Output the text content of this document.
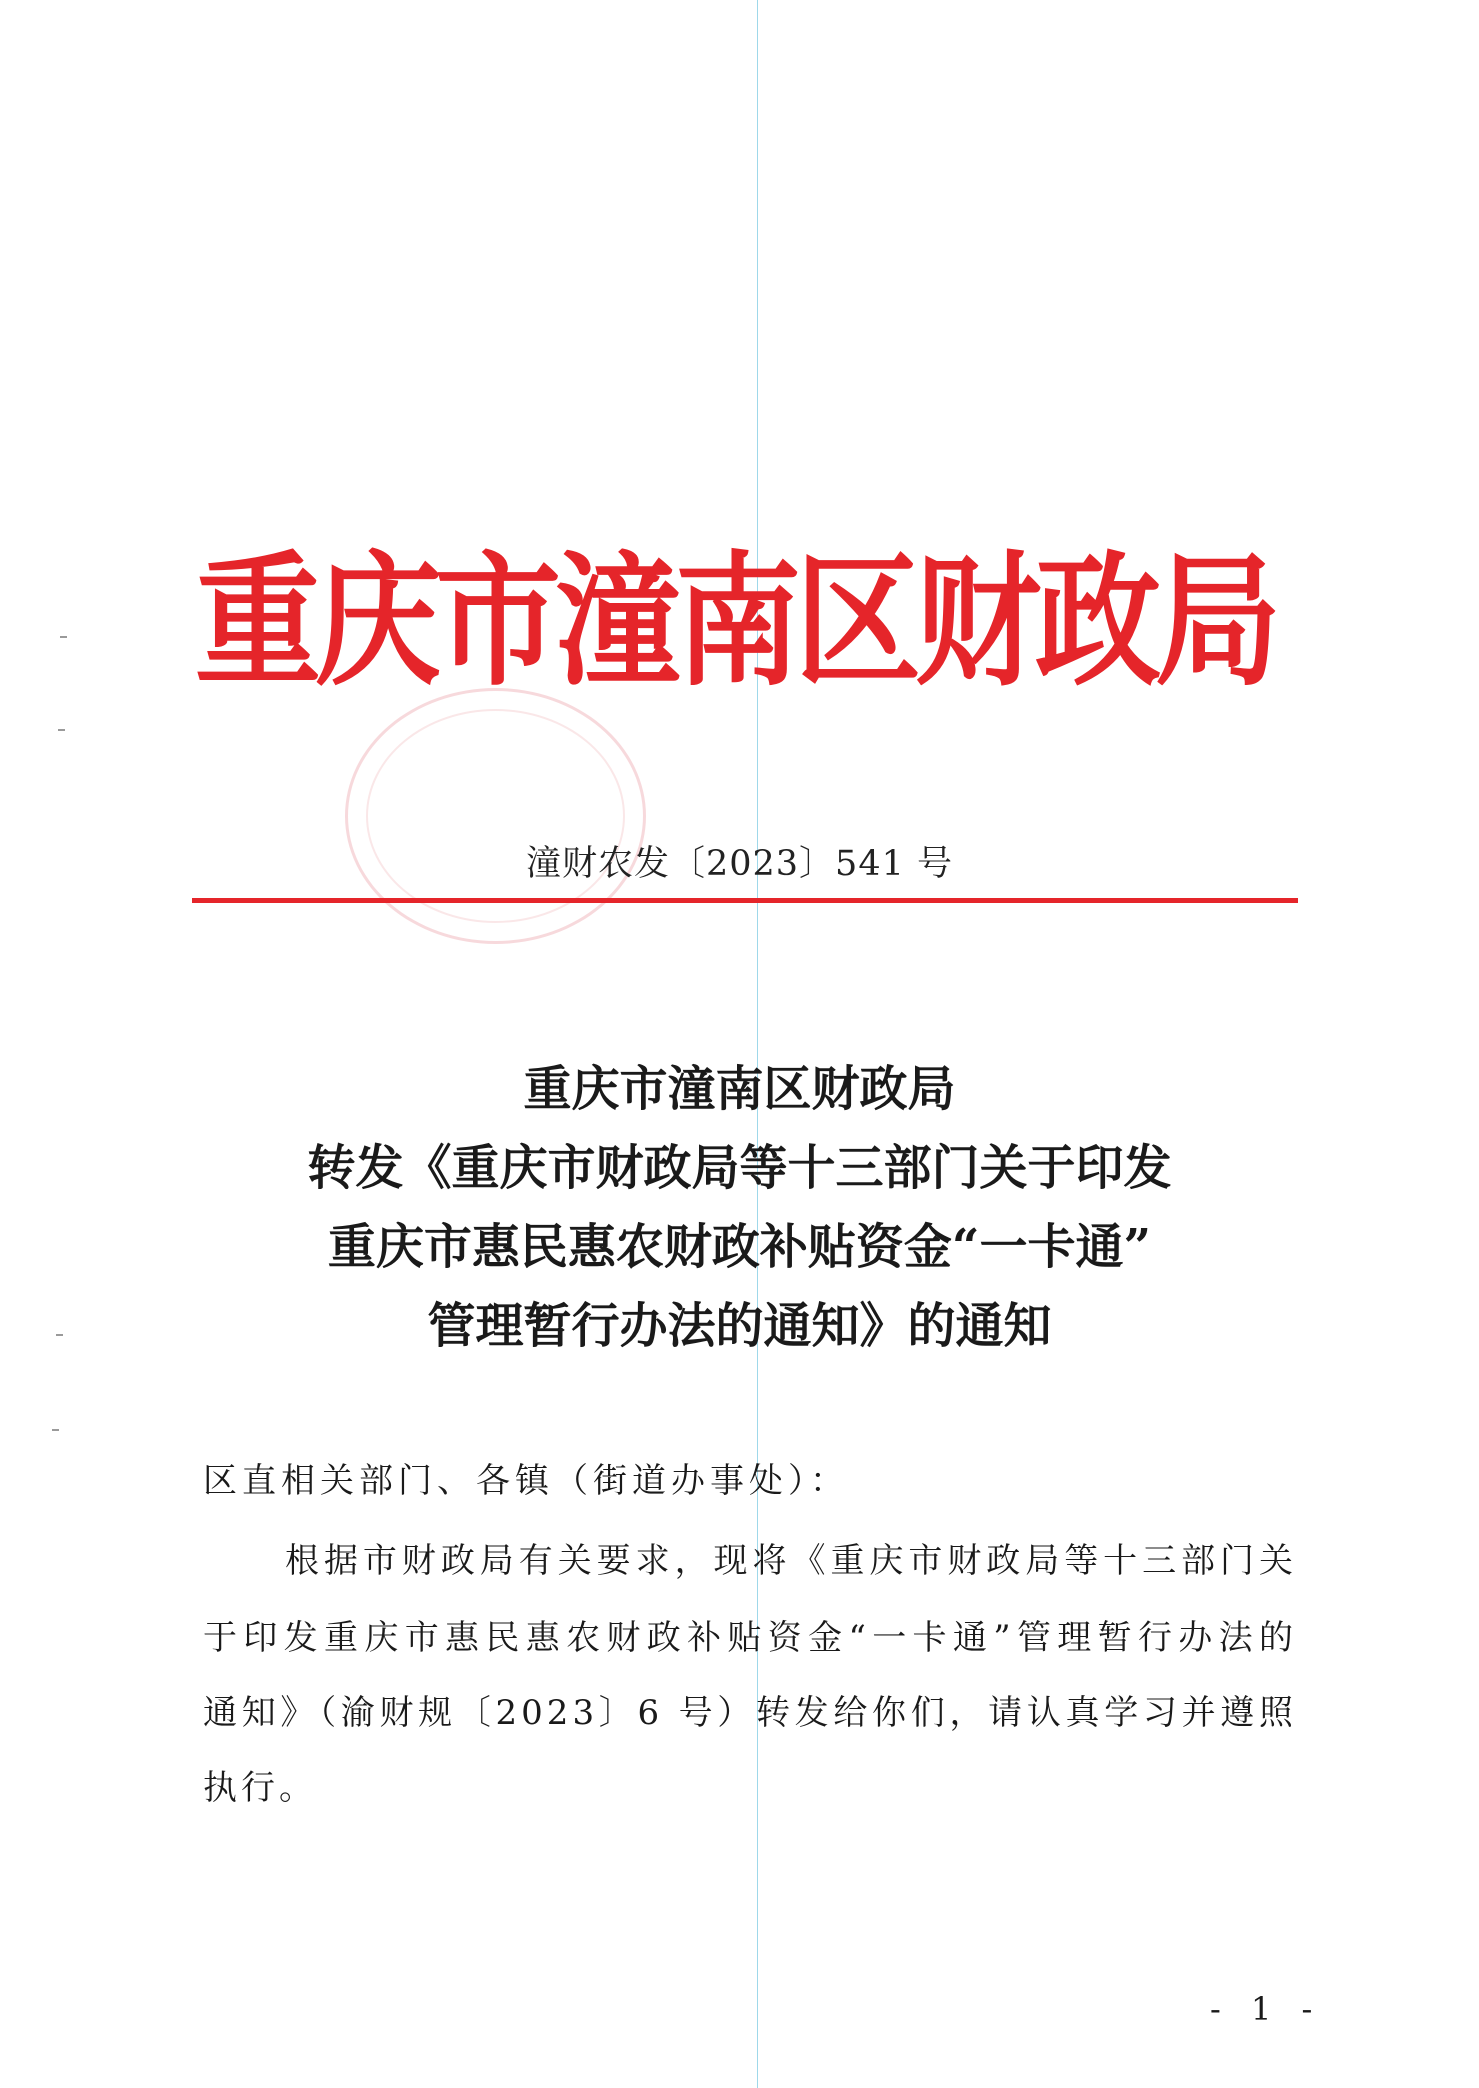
重庆市潼南区财政局
潼财农发〔2023〕541 号
重庆市潼南区财政局
转发《重庆市财政局等十三部门关于印发
重庆市惠民惠农财政补贴资金“一卡通”
管理暂行办法的通知》的通知
区直相关部门、各镇（街道办事处）：
根据市财政局有关要求，现将《重庆市财政局等十三部门关
于印发重庆市惠民惠农财政补贴资金“一卡通”管理暂行办法的
通知》（渝财规〔2023〕6 号）转发给你们，请认真学习并遵照
执行。
- 1 -
